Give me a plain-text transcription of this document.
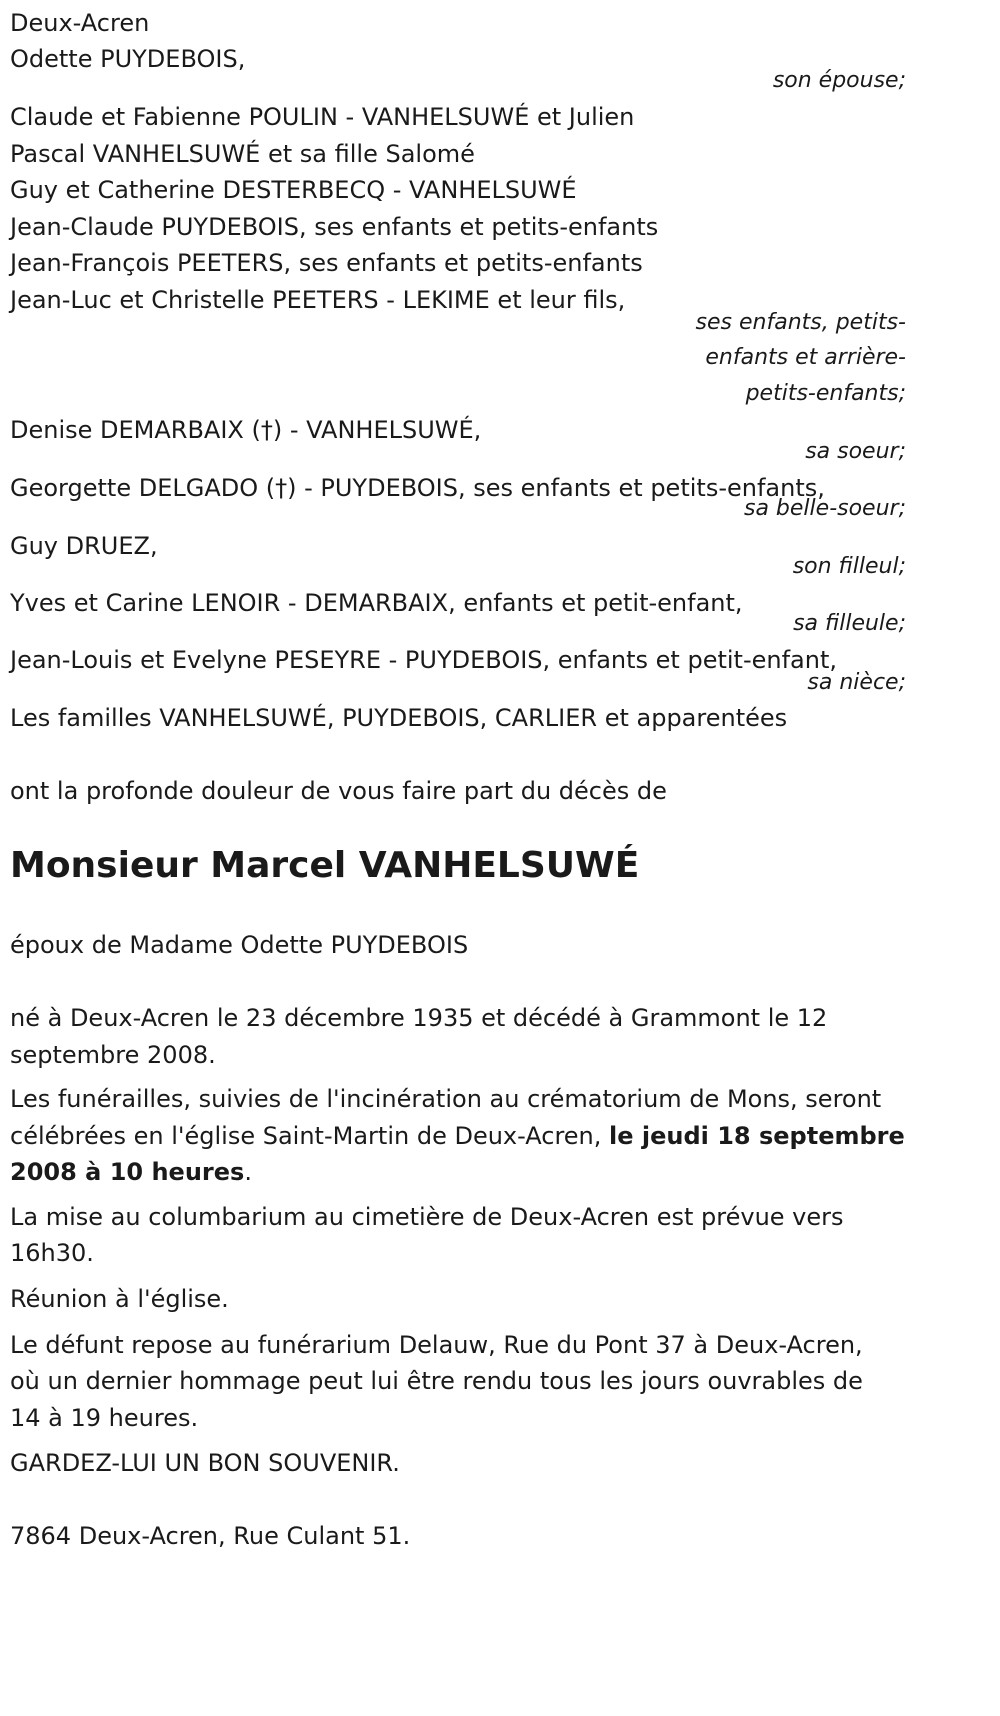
Deux-Acren

Odette PUYDEBOIS,

son épouse;

Claude et Fabienne POULIN - VANHELSUWÉ et Julien

Pascal VANHELSUWÉ et sa fille Salomé

Guy et Catherine DESTERBECQ - VANHELSUWÉ

Jean-Claude PUYDEBOIS, ses enfants et petits-enfants

Jean-François PEETERS, ses enfants et petits-enfants

Jean-Luc et Christelle PEETERS - LEKIME et leur fils,

ses enfants, petits-

enfants et arrière-

petits-enfants;

Denise DEMARBAIX (†) - VANHELSUWÉ,

sa soeur;

Georgette DELGADO (†) - PUYDEBOIS, ses enfants et petits-enfants,

sa belle-soeur;

Guy DRUEZ,

son filleul;

Yves et Carine LENOIR - DEMARBAIX, enfants et petit-enfant,

sa filleule;

Jean-Louis et Evelyne PESEYRE - PUYDEBOIS, enfants et petit-enfant,

sa nièce;

Les familles VANHELSUWÉ, PUYDEBOIS, CARLIER et apparentées

ont la profonde douleur de vous faire part du décès de

Monsieur Marcel VANHELSUWÉ

époux de Madame Odette PUYDEBOIS

né à Deux-Acren le 23 décembre 1935 et décédé à Grammont le 12

septembre 2008.

Les funérailles, suivies de l'incinération au crématorium de Mons, seront

célébrées en l'église Saint-Martin de Deux-Acren, le jeudi 18 septembre

2008 à 10 heures.

La mise au columbarium au cimetière de Deux-Acren est prévue vers

16h30.

Réunion à l'église.

Le défunt repose au funérarium Delauw, Rue du Pont 37 à Deux-Acren,

où un dernier hommage peut lui être rendu tous les jours ouvrables de

14 à 19 heures.

GARDEZ-LUI UN BON SOUVENIR.

7864 Deux-Acren, Rue Culant 51.
